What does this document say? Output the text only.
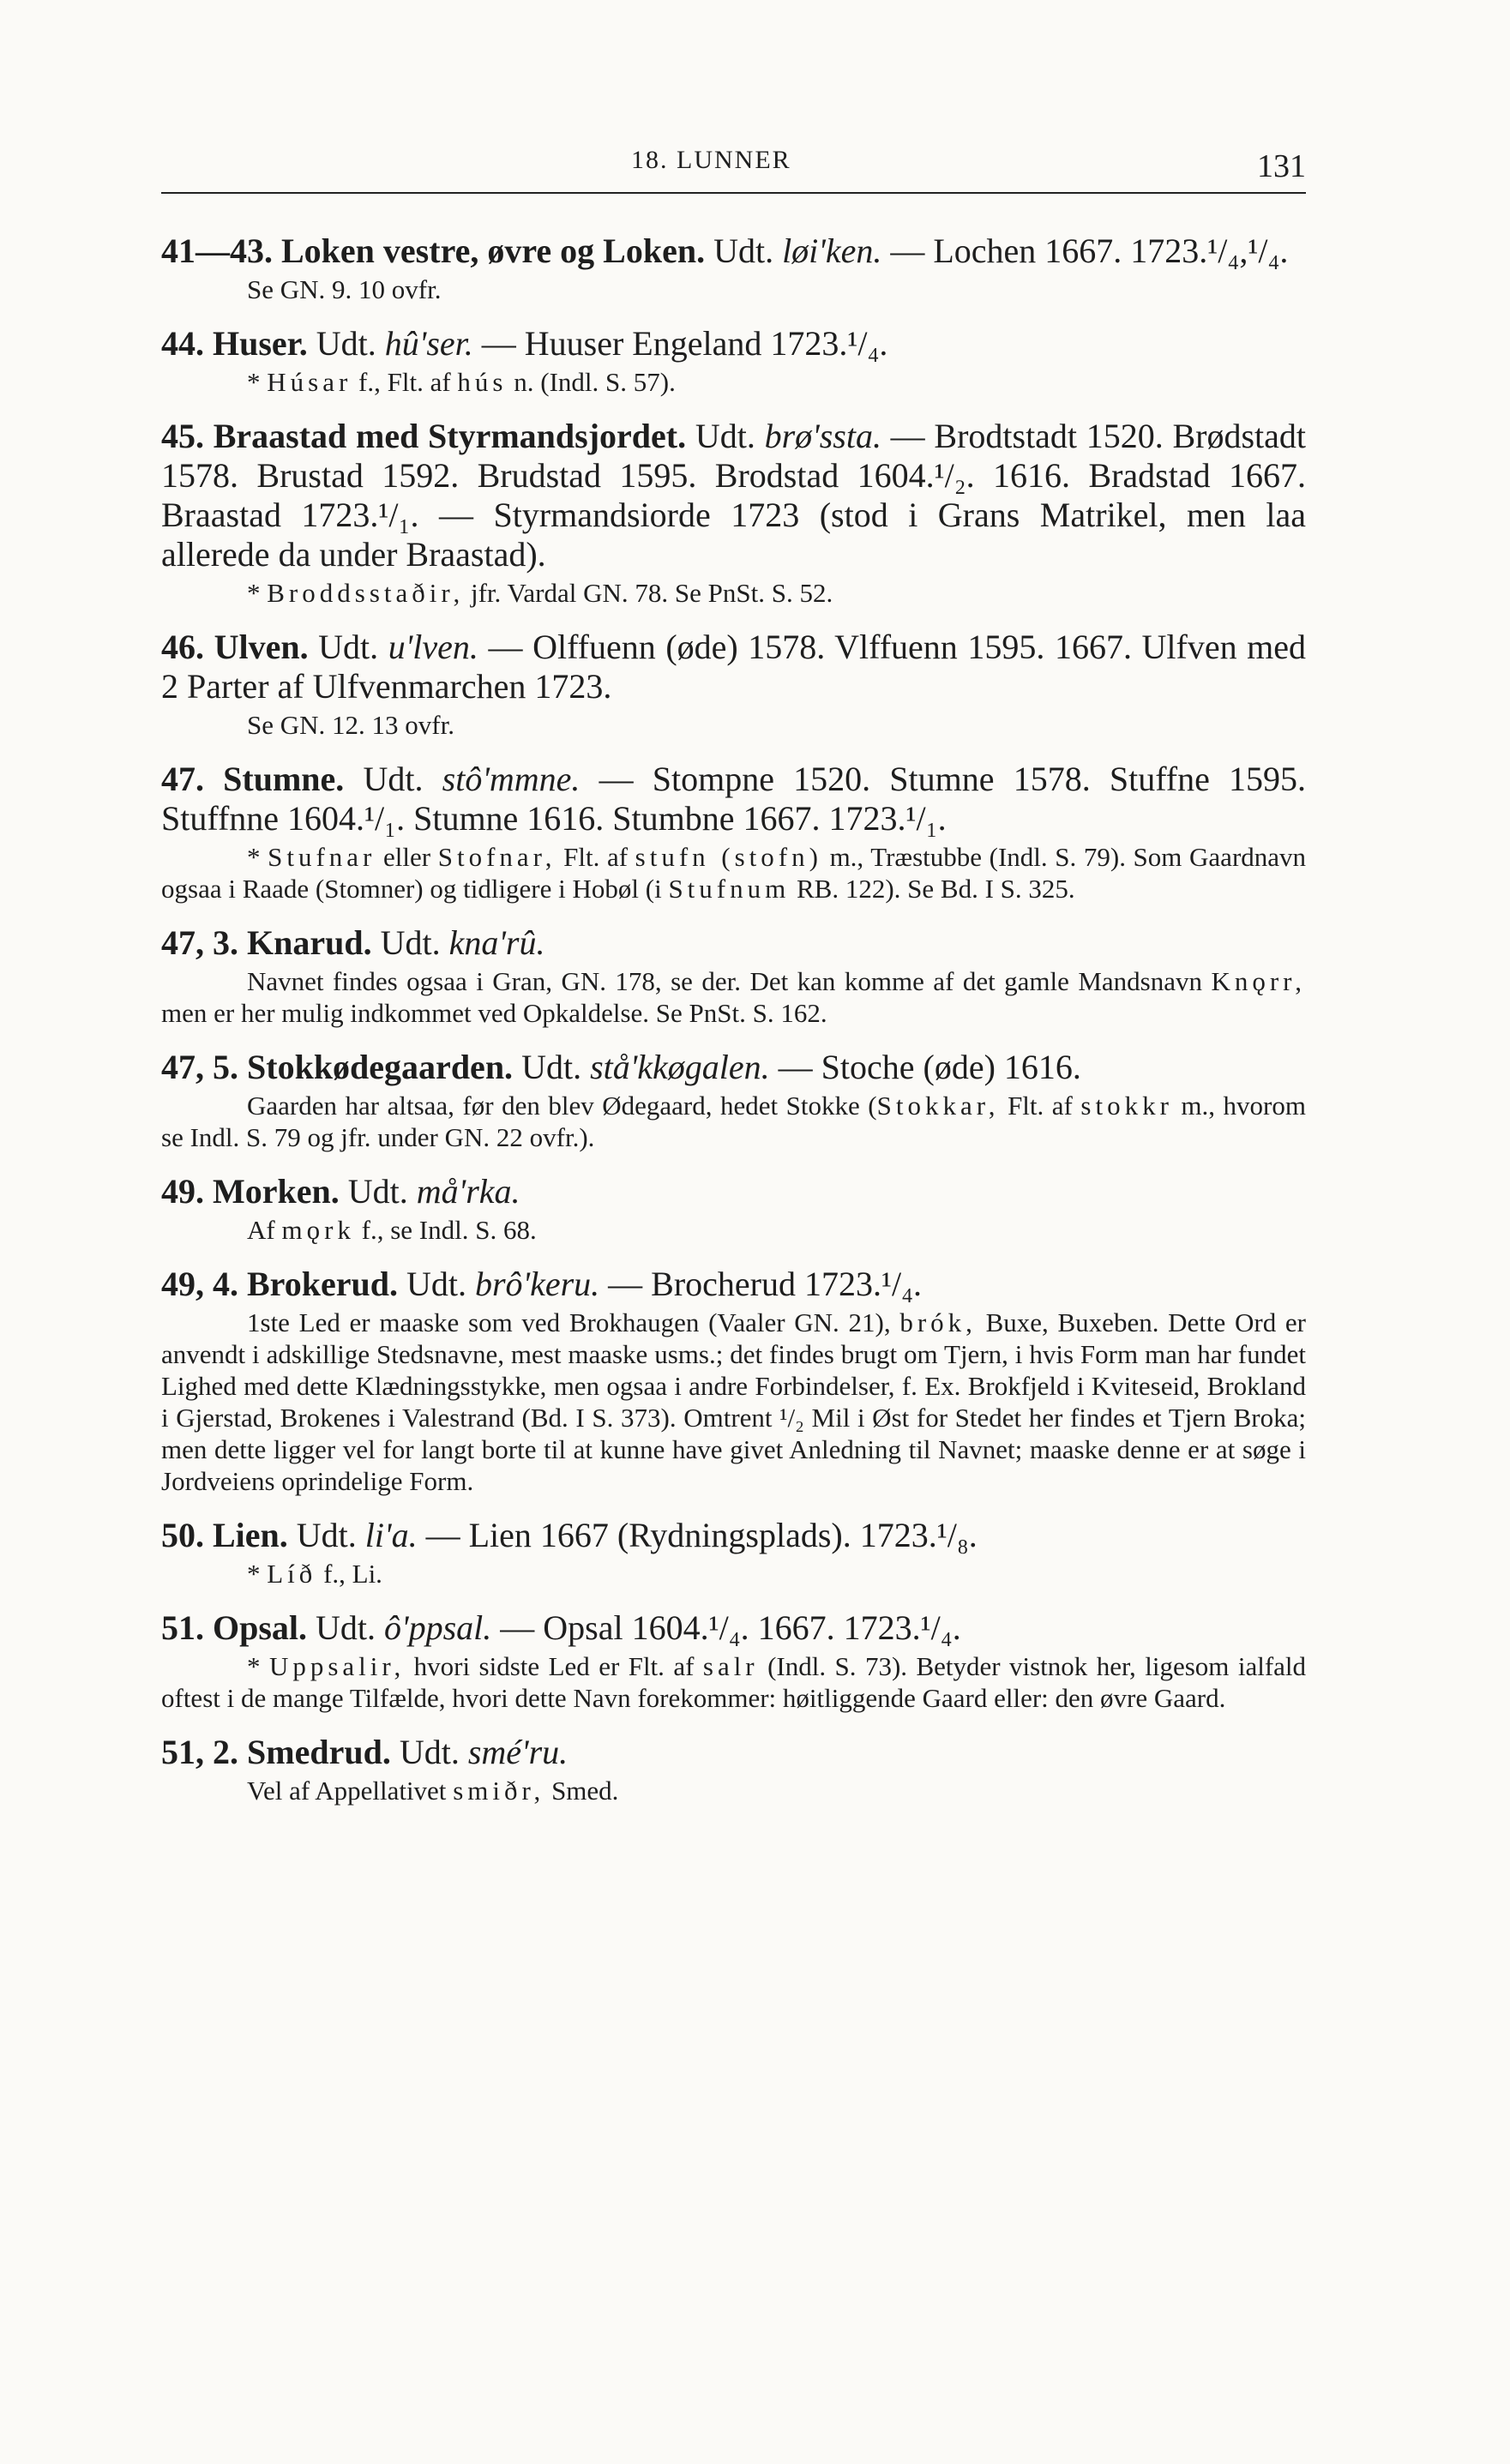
18. LUNNER	131

41—43. Loken vestre, øvre og Loken. Udt. løi'ken. — Lochen 1667. 1723.¹/₄,¹/₄.

Se GN. 9. 10 ovfr.

44. Huser. Udt. hû'ser. — Huuser Engeland 1723.¹/₄.

* Húsar f., Flt. af hús n. (Indl. S. 57).

45. Braastad med Styrmandsjordet. Udt. brø'ssta. — Brodtstadt 1520. Brødstadt 1578. Brustad 1592. Brudstad 1595. Brodstad 1604.¹/₂. 1616. Bradstad 1667. Braastad 1723.¹/₁. — Styrmandsiorde 1723 (stod i Grans Matrikel, men laa allerede da under Braastad).

* Broddsstaðir, jfr. Vardal GN. 78. Se PnSt. S. 52.

46. Ulven. Udt. u'lven. — Olffuenn (øde) 1578. Vlffuenn 1595. 1667. Ulfven med 2 Parter af Ulfvenmarchen 1723.

Se GN. 12. 13 ovfr.

47. Stumne. Udt. stô'mmne. — Stompne 1520. Stumne 1578. Stuffne 1595. Stuffnne 1604.¹/₁. Stumne 1616. Stumbne 1667. 1723.¹/₁.

* Stufnar eller Stofnar, Flt. af stufn (stofn) m., Træstubbe (Indl. S. 79). Som Gaardnavn ogsaa i Raade (Stomner) og tidligere i Hobøl (i Stufnum RB. 122). Se Bd. I S. 325.

47, 3. Knarud. Udt. kna'rû.

Navnet findes ogsaa i Gran, GN. 178, se der. Det kan komme af det gamle Mandsnavn Knǫrr, men er her mulig indkommet ved Opkaldelse. Se PnSt. S. 162.

47, 5. Stokkødegaarden. Udt. stå'kkøgalen. — Stoche (øde) 1616.

Gaarden har altsaa, før den blev Ødegaard, hedet Stokke (Stokkar, Flt. af stokkr m., hvorom se Indl. S. 79 og jfr. under GN. 22 ovfr.).

49. Morken. Udt. må'rka.

Af mǫrk f., se Indl. S. 68.

49, 4. Brokerud. Udt. brô'keru. — Brocherud 1723.¹/₄.

1ste Led er maaske som ved Brokhaugen (Vaaler GN. 21), brók, Buxe, Buxeben. Dette Ord er anvendt i adskillige Stedsnavne, mest maaske usms.; det findes brugt om Tjern, i hvis Form man har fundet Lighed med dette Klædningsstykke, men ogsaa i andre Forbindelser, f. Ex. Brokfjeld i Kviteseid, Brokland i Gjerstad, Brokenes i Valestrand (Bd. I S. 373). Omtrent ¹/₂ Mil i Øst for Stedet her findes et Tjern Broka; men dette ligger vel for langt borte til at kunne have givet Anledning til Navnet; maaske denne er at søge i Jordveiens oprindelige Form.

50. Lien. Udt. li'a. — Lien 1667 (Rydningsplads). 1723.¹/₈.

* Líð f., Li.

51. Opsal. Udt. ô'ppsal. — Opsal 1604.¹/₄. 1667. 1723.¹/₄.

* Uppsalir, hvori sidste Led er Flt. af salr (Indl. S. 73). Betyder vistnok her, ligesom ialfald oftest i de mange Tilfælde, hvori dette Navn forekommer: høitliggende Gaard eller: den øvre Gaard.

51, 2. Smedrud. Udt. smé'ru.

Vel af Appellativet smiðr, Smed.
